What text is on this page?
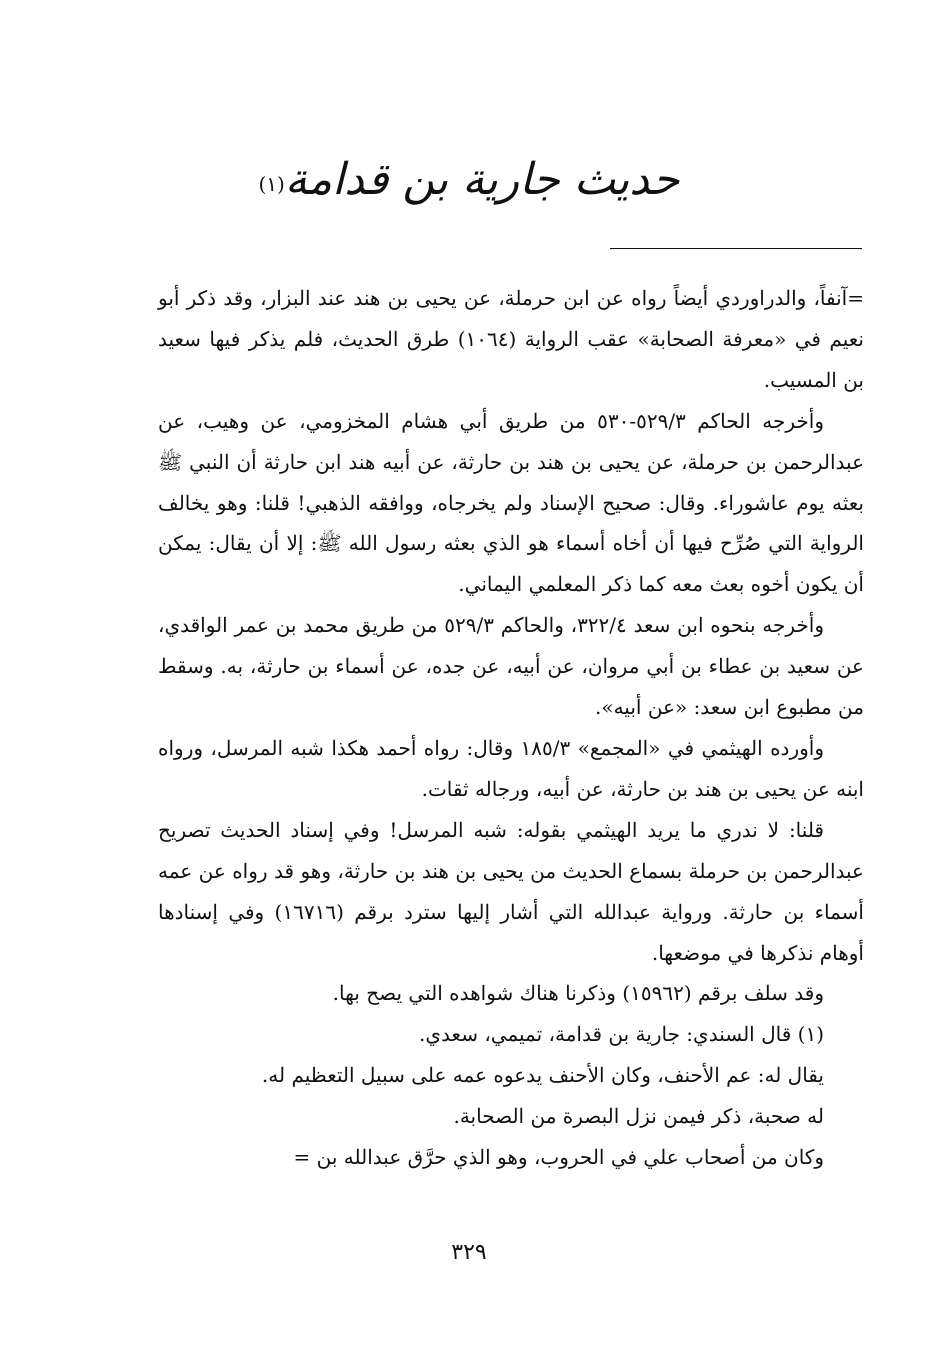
حديث جارية بن قدامة$^{(١)}$

=آنفاً، والدراوردي أيضاً رواه عن ابن حرملة، عن يحيى بن هند عند البزار، وقد ذكر أبو نعيم في «معرفة الصحابة» عقب الرواية (١٠٦٤) طرق الحديث، فلم يذكر فيها سعيد بن المسيب.

وأخرجه الحاكم ٥٢٩/٣-٥٣٠ من طريق أبي هشام المخزومي، عن وهيب، عن عبدالرحمن بن حرملة، عن يحيى بن هند بن حارثة، عن أبيه هند ابن حارثة أن النبي ﷺ بعثه يوم عاشوراء. وقال: صحيح الإسناد ولم يخرجاه، ووافقه الذهبي! قلنا: وهو يخالف الرواية التي صُرِّح فيها أن أخاه أسماء هو الذي بعثه رسول الله ﷺ: إلا أن يقال: يمكن أن يكون أخوه بعث معه كما ذكر المعلمي اليماني.

وأخرجه بنحوه ابن سعد ٣٢٢/٤، والحاكم ٥٢٩/٣ من طريق محمد بن عمر الواقدي، عن سعيد بن عطاء بن أبي مروان، عن أبيه، عن جده، عن أسماء بن حارثة، به. وسقط من مطبوع ابن سعد: «عن أبيه».

وأورده الهيثمي في «المجمع» ١٨٥/٣ وقال: رواه أحمد هكذا شبه المرسل، ورواه ابنه عن يحيى بن هند بن حارثة، عن أبيه، ورجاله ثقات.

قلنا: لا ندري ما يريد الهيثمي بقوله: شبه المرسل! وفي إسناد الحديث تصريح عبدالرحمن بن حرملة بسماع الحديث من يحيى بن هند بن حارثة، وهو قد رواه عن عمه أسماء بن حارثة. ورواية عبدالله التي أشار إليها سترد برقم (١٦٧١٦) وفي إسنادها أوهام نذكرها في موضعها.

وقد سلف برقم (١٥٩٦٢) وذكرنا هناك شواهده التي يصح بها.

(١) قال السندي: جارية بن قدامة، تميمي، سعدي.

يقال له: عم الأحنف، وكان الأحنف يدعوه عمه على سبيل التعظيم له.

له صحبة، ذكر فيمن نزل البصرة من الصحابة.

وكان من أصحاب علي في الحروب، وهو الذي حرَّق عبدالله بن =

٣٢٩
